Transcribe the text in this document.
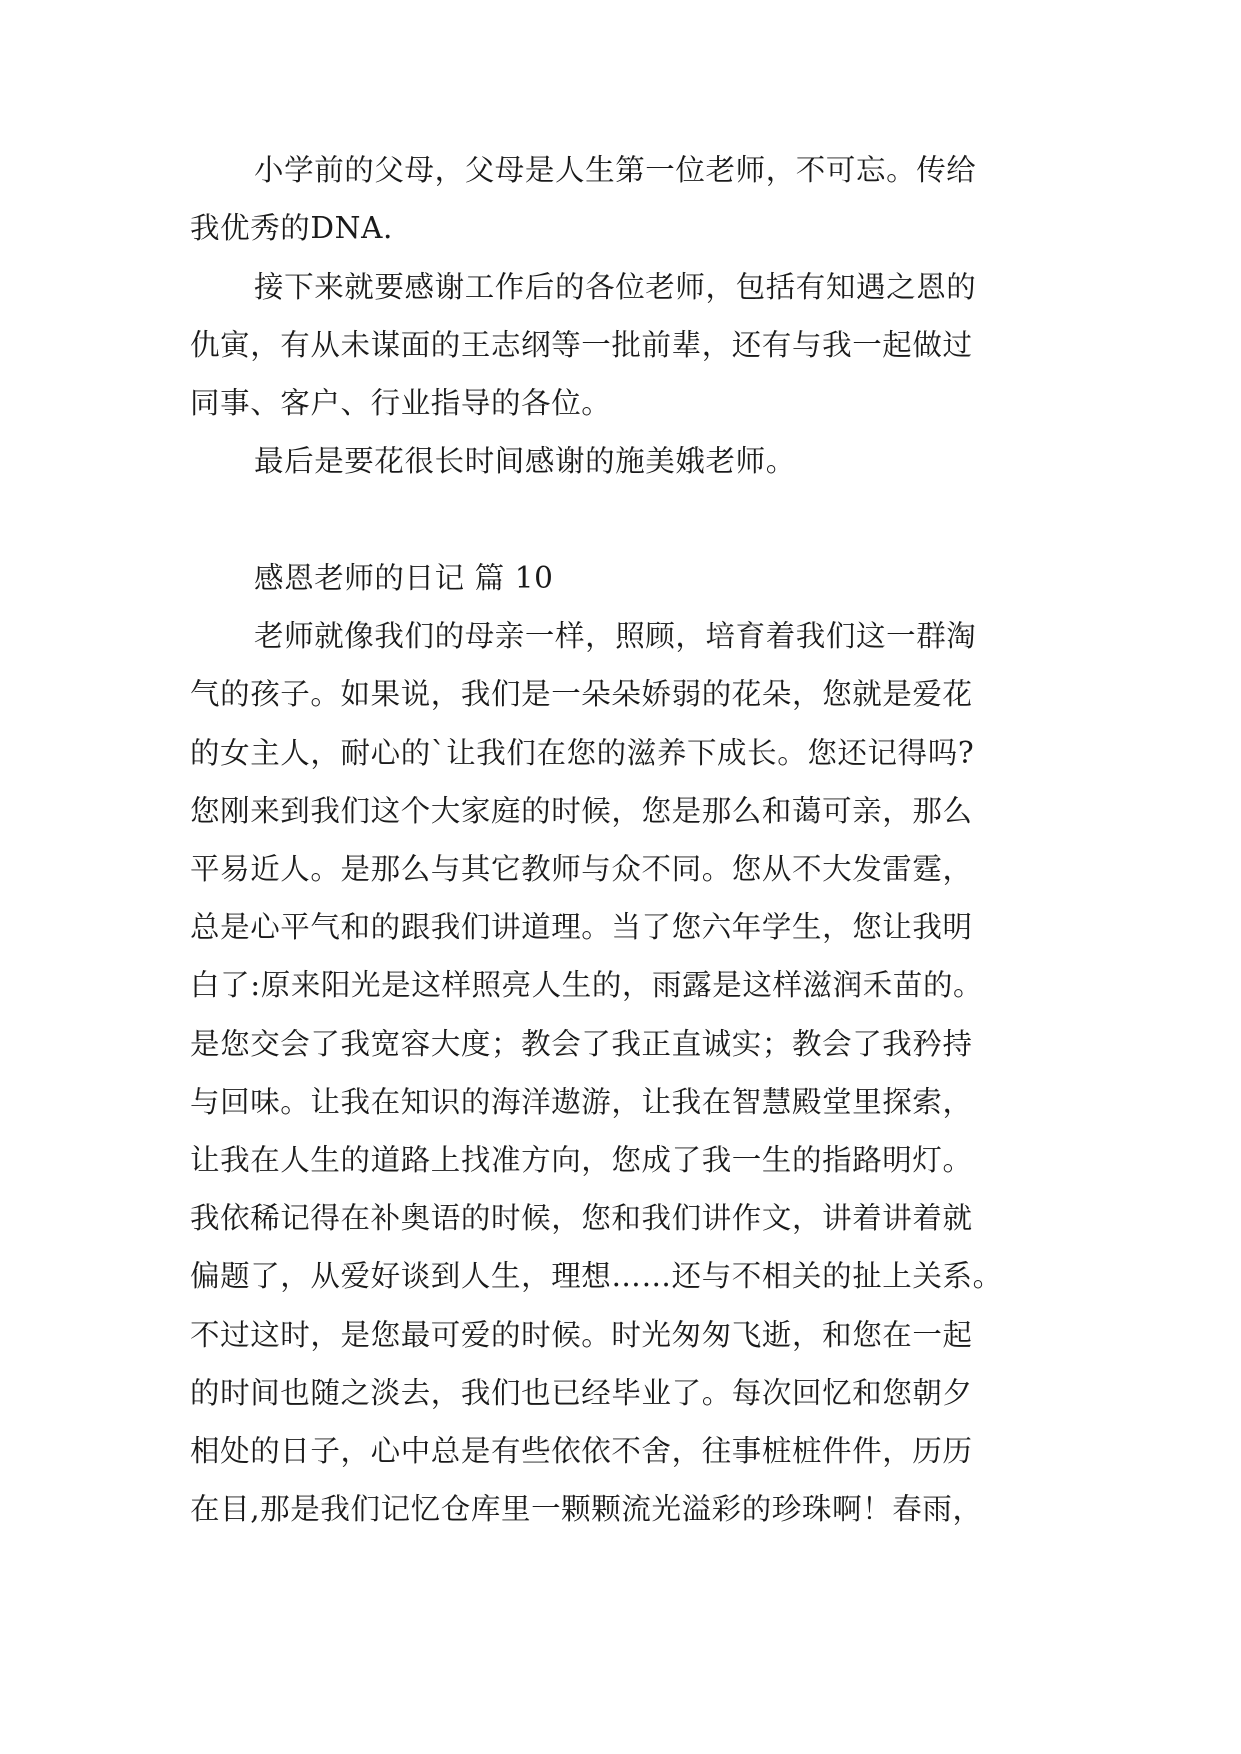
小学前的父母，父母是人生第一位老师，不可忘。传给
我优秀的DNA.
接下来就要感谢工作后的各位老师，包括有知遇之恩的
仇寅，有从未谋面的王志纲等一批前辈，还有与我一起做过
同事、客户、行业指导的各位。
最后是要花很长时间感谢的施美娥老师。
感恩老师的日记 篇 10
老师就像我们的母亲一样，照顾，培育着我们这一群淘
气的孩子。如果说，我们是一朵朵娇弱的花朵，您就是爱花
的女主人，耐心的`让我们在您的滋养下成长。您还记得吗?
您刚来到我们这个大家庭的时候，您是那么和蔼可亲，那么
平易近人。是那么与其它教师与众不同。您从不大发雷霆，
总是心平气和的跟我们讲道理。当了您六年学生，您让我明
白了:原来阳光是这样照亮人生的，雨露是这样滋润禾苗的。
是您交会了我宽容大度；教会了我正直诚实；教会了我矜持
与回味。让我在知识的海洋遨游，让我在智慧殿堂里探索，
让我在人生的道路上找准方向，您成了我一生的指路明灯。
我依稀记得在补奥语的时候，您和我们讲作文，讲着讲着就
偏题了，从爱好谈到人生，理想……还与不相关的扯上关系。
不过这时，是您最可爱的时候。时光匆匆飞逝，和您在一起
的时间也随之淡去，我们也已经毕业了。每次回忆和您朝夕
相处的日子，心中总是有些依依不舍，往事桩桩件件，历历
在目,那是我们记忆仓库里一颗颗流光溢彩的珍珠啊！春雨，
